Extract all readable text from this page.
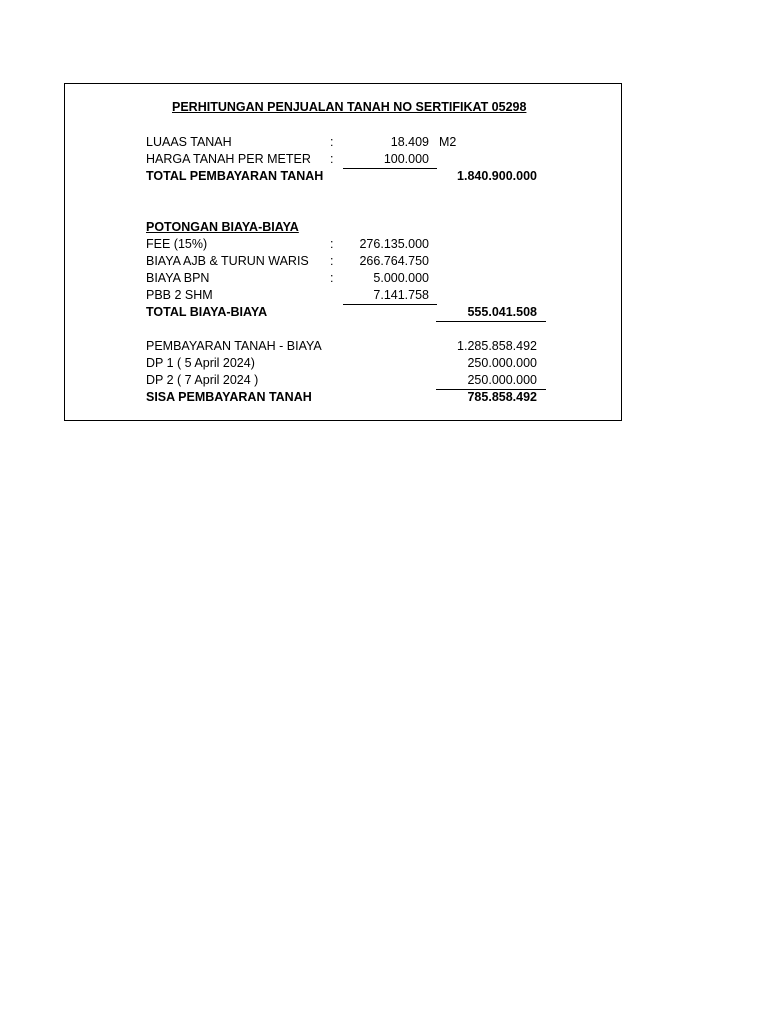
PERHITUNGAN PENJUALAN TANAH NO SERTIFIKAT 05298
LUAAS TANAH	:	18.409 M2
HARGA TANAH PER METER :	100.000
TOTAL PEMBAYARAN TANAH	1.840.900.000
POTONGAN BIAYA-BIAYA
FEE (15%)	:	276.135.000
BIAYA AJB & TURUN WARIS :	266.764.750
BIAYA BPN	:	5.000.000
PBB 2 SHM	7.141.758
TOTAL BIAYA-BIAYA	555.041.508
PEMBAYARAN TANAH - BIAYA	1.285.858.492
DP 1 ( 5 April 2024)	250.000.000
DP 2 ( 7 April 2024 )	250.000.000
SISA PEMBAYARAN TANAH	785.858.492
